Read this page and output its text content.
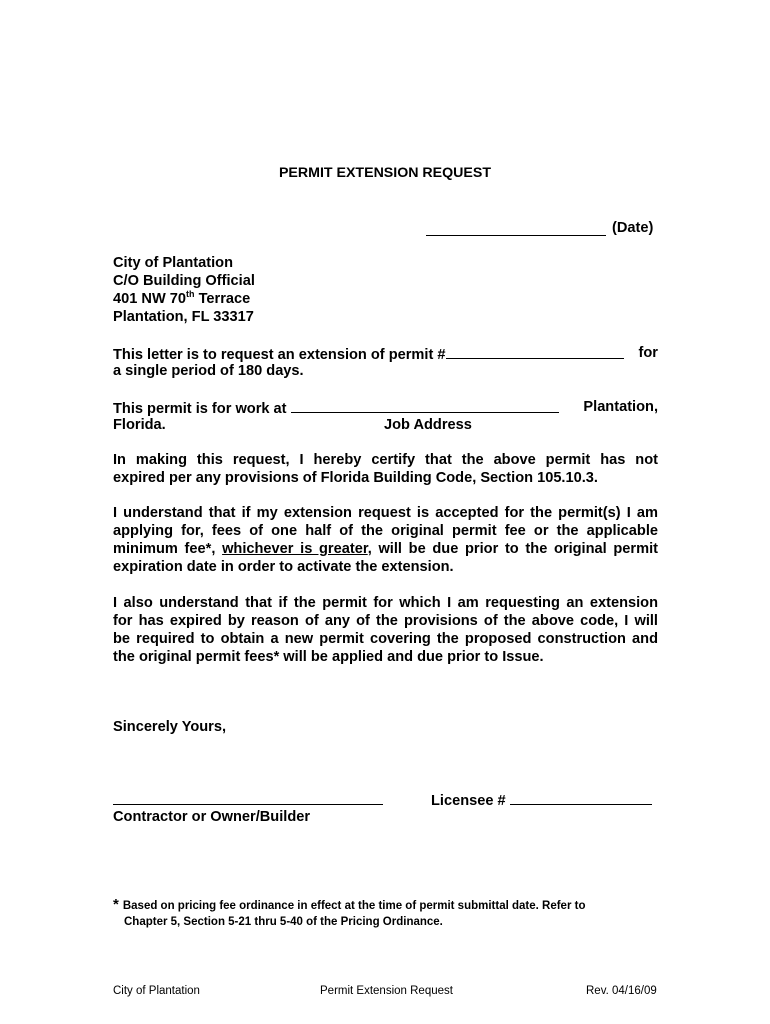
PERMIT EXTENSION REQUEST
(Date)
City of Plantation
C/O Building Official
401 NW 70th Terrace
Plantation, FL 33317
This letter is to request an extension of permit #	for
a single period of 180 days.
This permit is for work at	Plantation,
Florida.	Job Address
In making this request, I hereby certify that the above permit has not
expired per any provisions of Florida Building Code, Section 105.10.3.
I understand that if my extension request is accepted for the permit(s) I am
applying for, fees of one half of the original permit fee or the applicable
minimum fee*, whichever is greater, will be due prior to the original permit
expiration date in order to activate the extension.
I also understand that if the permit for which I am requesting an extension
for has expired by reason of any of the provisions of the above code, I will
be required to obtain a new permit covering the proposed construction and
the original permit fees* will be applied and due prior to Issue.
Sincerely Yours,
Contractor or Owner/Builder
Licensee #
* Based on pricing fee ordinance in effect at the time of permit submittal date. Refer to
Chapter 5, Section 5-21 thru 5-40 of the Pricing Ordinance.
City of Plantation	Permit Extension Request	Rev. 04/16/09
